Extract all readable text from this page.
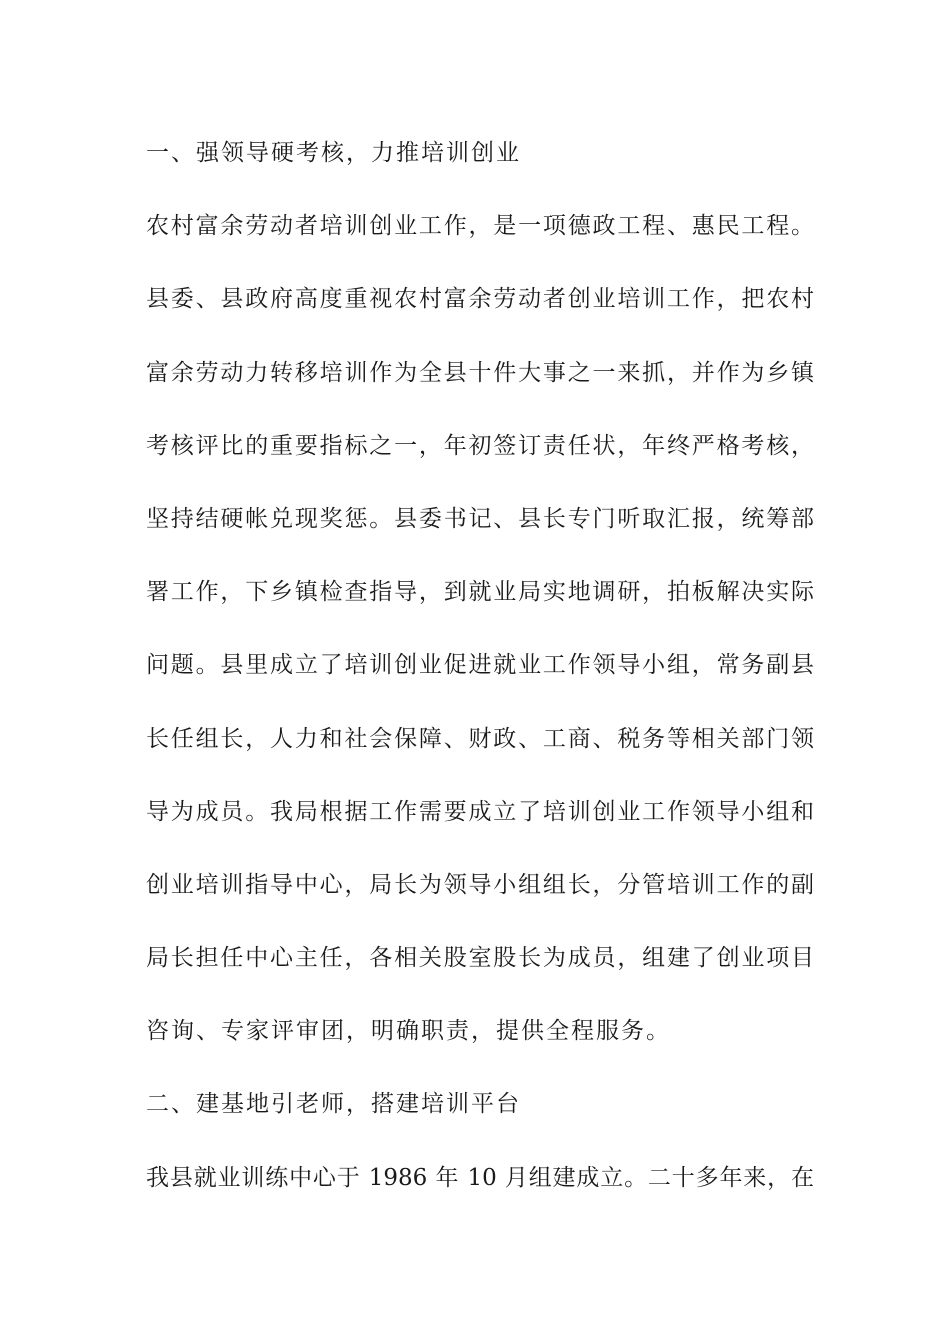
一、强领导硬考核，力推培训创业
农村富余劳动者培训创业工作，是一项德政工程、惠民工程。
县委、县政府高度重视农村富余劳动者创业培训工作，把农村
富余劳动力转移培训作为全县十件大事之一来抓，并作为乡镇
考核评比的重要指标之一，年初签订责任状，年终严格考核，
坚持结硬帐兑现奖惩。县委书记、县长专门听取汇报，统筹部
署工作，下乡镇检查指导，到就业局实地调研，拍板解决实际
问题。县里成立了培训创业促进就业工作领导小组，常务副县
长任组长，人力和社会保障、财政、工商、税务等相关部门领
导为成员。我局根据工作需要成立了培训创业工作领导小组和
创业培训指导中心，局长为领导小组组长，分管培训工作的副
局长担任中心主任，各相关股室股长为成员，组建了创业项目
咨询、专家评审团，明确职责，提供全程服务。
二、建基地引老师，搭建培训平台
我县就业训练中心于 1986 年 10 月组建成立。二十多年来，在
